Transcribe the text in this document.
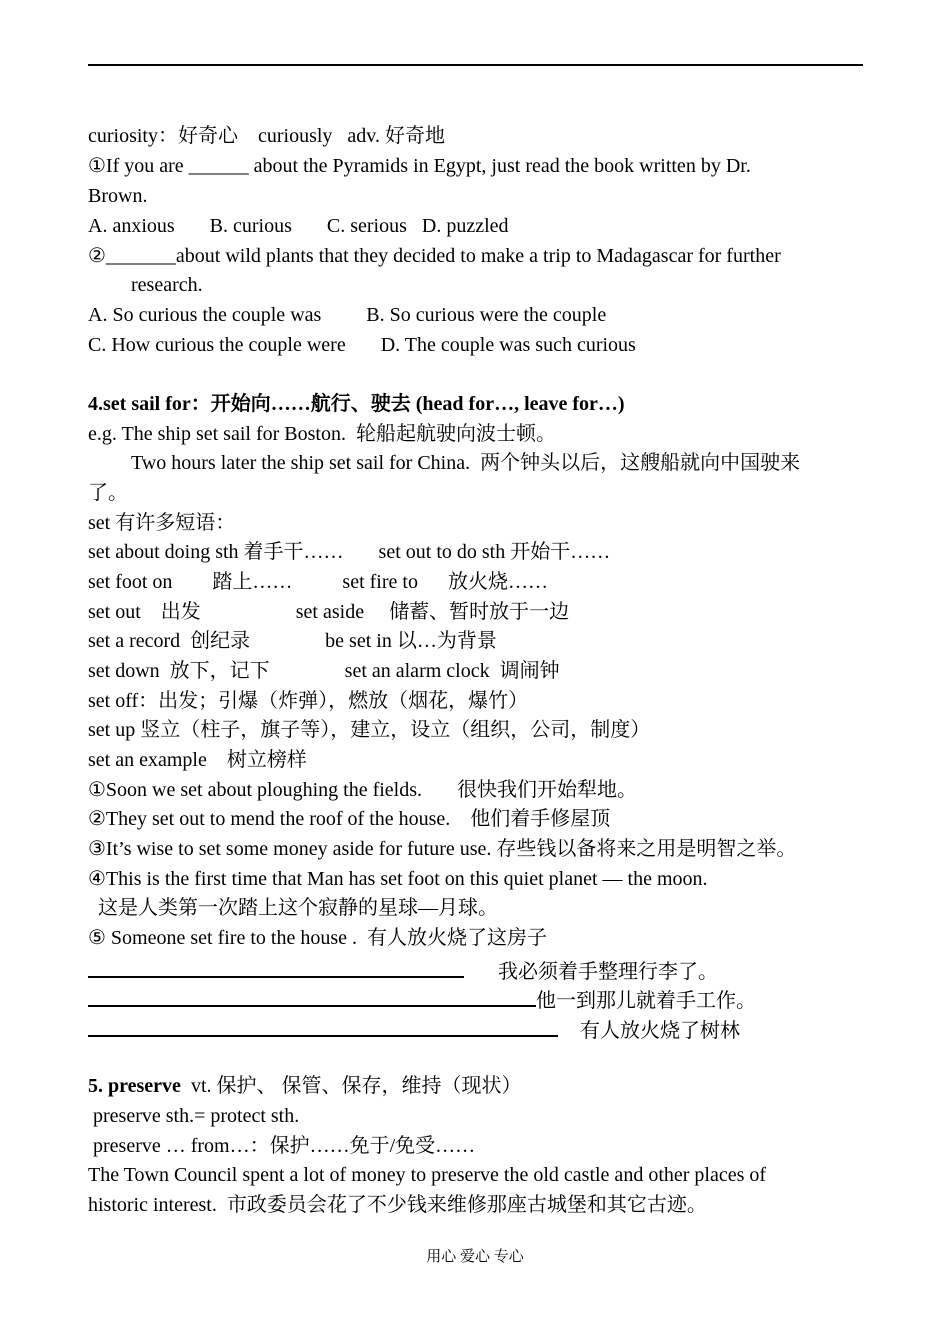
curiosity：好奇心    curiously   adv. 好奇地
①If you are ______ about the Pyramids in Egypt, just read the book written by Dr.
Brown.
A. anxious       B. curious       C. serious   D. puzzled
②_______about wild plants that they decided to make a trip to Madagascar for further
research.
A. So curious the couple was         B. So curious were the couple
C. How curious the couple were       D. The couple was such curious
4.set sail for：开始向……航行、驶去 (head for…, leave for…)
e.g. The ship set sail for Boston.  轮船起航驶向波士顿。
Two hours later the ship set sail for China.  两个钟头以后，这艘船就向中国驶来
了。
set 有许多短语：
set about doing sth 着手干……       set out to do sth 开始干……
set foot on        踏上……          set fire to      放火烧……
set out    出发                   set aside     储蓄、暂时放于一边
set a record  创纪录               be set in 以…为背景
set down  放下，记下               set an alarm clock  调闹钟
set off：出发；引爆（炸弹），燃放（烟花，爆竹）
set up 竖立（柱子，旗子等），建立，设立（组织，公司，制度）
set an example    树立榜样
①Soon we set about ploughing the fields.       很快我们开始犁地。
②They set out to mend the roof of the house.    他们着手修屋顶
③It’s wise to set some money aside for future use. 存些钱以备将来之用是明智之举。
④This is the first time that Man has set foot on this quiet planet — the moon.
这是人类第一次踏上这个寂静的星球—月球。
⑤ Someone set fire to the house .  有人放火烧了这房子
我必须着手整理行李了。
他一到那儿就着手工作。
有人放火烧了树林
5. preserve  vt. 保护、 保管、保存，维持（现状）
preserve sth.= protect sth.
preserve … from…：保护……免于/免受……
The Town Council spent a lot of money to preserve the old castle and other places of
historic interest.  市政委员会花了不少钱来维修那座古城堡和其它古迹。
用心 爱心 专心
